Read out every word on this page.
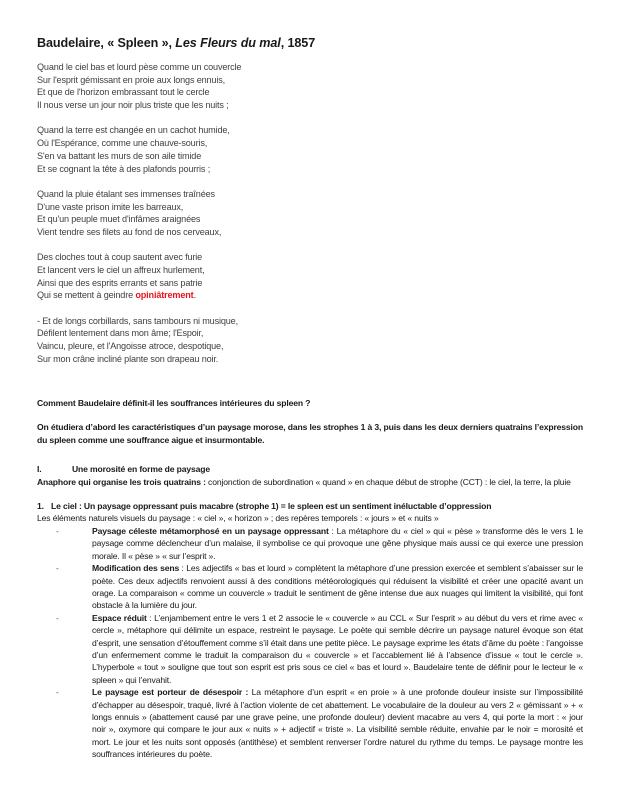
Baudelaire, « Spleen », Les Fleurs du mal, 1857
Quand le ciel bas et lourd pèse comme un couvercle
Sur l'esprit gémissant en proie aux longs ennuis,
Et que de l'horizon embrassant tout le cercle
Il nous verse un jour noir plus triste que les nuits ;
Quand la terre est changée en un cachot humide,
Où l'Espérance, comme une chauve-souris,
S'en va battant les murs de son aile timide
Et se cognant la tête à des plafonds pourris ;
Quand la pluie étalant ses immenses traînées
D'une vaste prison imite les barreaux,
Et qu'un peuple muet d'infâmes araignées
Vient tendre ses filets au fond de nos cerveaux,
Des cloches tout à coup sautent avec furie
Et lancent vers le ciel un affreux hurlement,
Ainsi que des esprits errants et sans patrie
Qui se mettent à geindre opiniâtrement.
- Et de longs corbillards, sans tambours ni musique,
Défilent lentement dans mon âme; l'Espoir,
Vaincu, pleure, et l'Angoisse atroce, despotique,
Sur mon crâne incliné plante son drapeau noir.
Comment Baudelaire définit-il les souffrances intérieures du spleen ?
On étudiera d’abord les caractéristiques d’un paysage morose, dans les strophes 1 à 3, puis dans les deux derniers quatrains l’expression du spleen comme une souffrance aigue et insurmontable.
I.	Une morosité en forme de paysage
Anaphore qui organise les trois quatrains : conjonction de subordination « quand » en chaque début de strophe (CCT) : le ciel, la terre, la pluie
1. Le ciel : Un paysage oppressant puis macabre (strophe 1) = le spleen est un sentiment inéluctable d’oppression
Les éléments naturels visuels du paysage : « ciel », « horizon » ; des repères temporels : « jours » et « nuits »
-	Paysage céleste métamorphosé en un paysage oppressant : La métaphore du « ciel » qui « pèse » transforme dès le vers 1 le paysage comme déclencheur d’un malaise, il symbolise ce qui provoque une gêne physique mais aussi ce qui exerce une pression morale. Il « pèse » « sur l’esprit ».
-	Modification des sens : Les adjectifs « bas et lourd » complètent la métaphore d’une pression exercée et semblent s’abaisser sur le poète. Ces deux adjectifs renvoient aussi à des conditions météorologiques qui réduisent la visibilité et créer une opacité avant un orage. La comparaison « comme un couvercle » traduit le sentiment de gêne intense due aux nuages qui limitent la visibilité, qui font obstacle à la lumière du jour.
-	Espace réduit : L’enjambement entre le vers 1 et 2 associe le « couvercle » au CCL « Sur l’esprit » au début du vers et rime avec « cercle », métaphore qui délimite un espace, restreint le paysage. Le poète qui semble décrire un paysage naturel évoque son état d’esprit, une sensation d’étouffement comme s’il était dans une petite pièce. Le paysage exprime les états d’âme du poète : l’angoisse d’un enfermement comme le traduit la comparaison du « couvercle » et l’accablement lié à l’absence d’issue « tout le cercle ». L’hyperbole « tout » souligne que tout son esprit est pris sous ce ciel « bas et lourd ». Baudelaire tente de définir pour le lecteur le « spleen » qui l’envahit.
-	Le paysage est porteur de désespoir : La métaphore d’un esprit « en proie » à une profonde douleur insiste sur l’impossibilité d’échapper au désespoir, traqué, livré à l’action violente de cet abattement. Le vocabulaire de la douleur au vers 2 « gémissant » + « longs ennuis » (abattement causé par une grave peine, une profonde douleur) devient macabre au vers 4, qui porte la mort : « jour noir », oxymore qui compare le jour aux « nuits » + adjectif « triste ». La visibilité semble réduite, envahie par le noir = morosité et mort. Le jour et les nuits sont opposés (antithèse) et semblent renverser l’ordre naturel du rythme du temps. Le paysage montre les souffrances intérieures du poète.
